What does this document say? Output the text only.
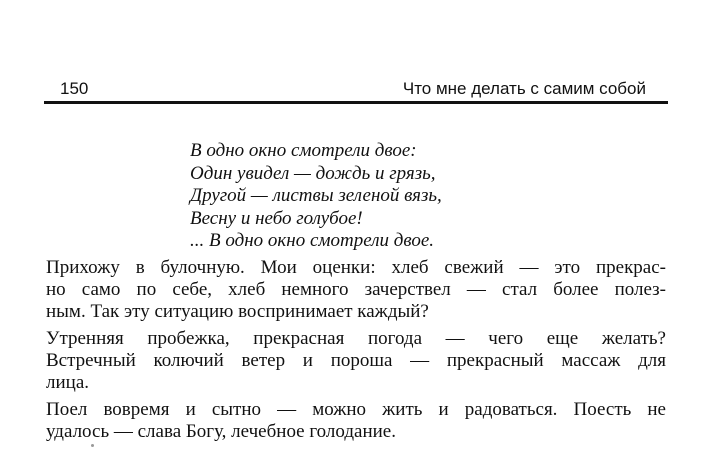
150	Что мне делать с самим собой
В одно окно смотрели двое:
Один увидел — дождь и грязь,
Другой — листвы зеленой вязь,
Весну и небо голубое!
... В одно окно смотрели двое.
Прихожу в булочную. Мои оценки: хлеб свежий — это прекрас-
но само по себе, хлеб немного зачерствел — стал более полез-
ным. Так эту ситуацию воспринимает каждый?
Утренняя пробежка, прекрасная погода — чего еще желать?
Встречный колючий ветер и пороша — прекрасный массаж для
лица.
Поел вовремя и сытно — можно жить и радоваться. Поесть не
удалось — слава Богу, лечебное голодание.
